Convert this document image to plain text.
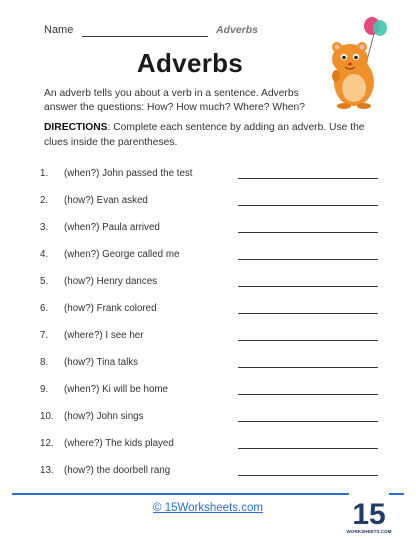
Name	Adverbs
Adverbs
An adverb tells you about a verb in a sentence. Adverbs answer the questions: How? How much? Where? When?
DIRECTIONS: Complete each sentence by adding an adverb. Use the clues inside the parentheses.
1.	(when?) John passed the test
2.	(how?) Evan asked
3.	(when?) Paula arrived
4.	(when?) George called me
5.	(how?) Henry dances
6.	(how?) Frank colored
7.	(where?) I see her
8.	(how?) Tina talks
9.	(when?) Ki will be home
10.	(how?) John sings
12.	(where?) The kids played
13.	(how?) the doorbell rang
© 15Worksheets.com	15
WORKSHEETS.COM
